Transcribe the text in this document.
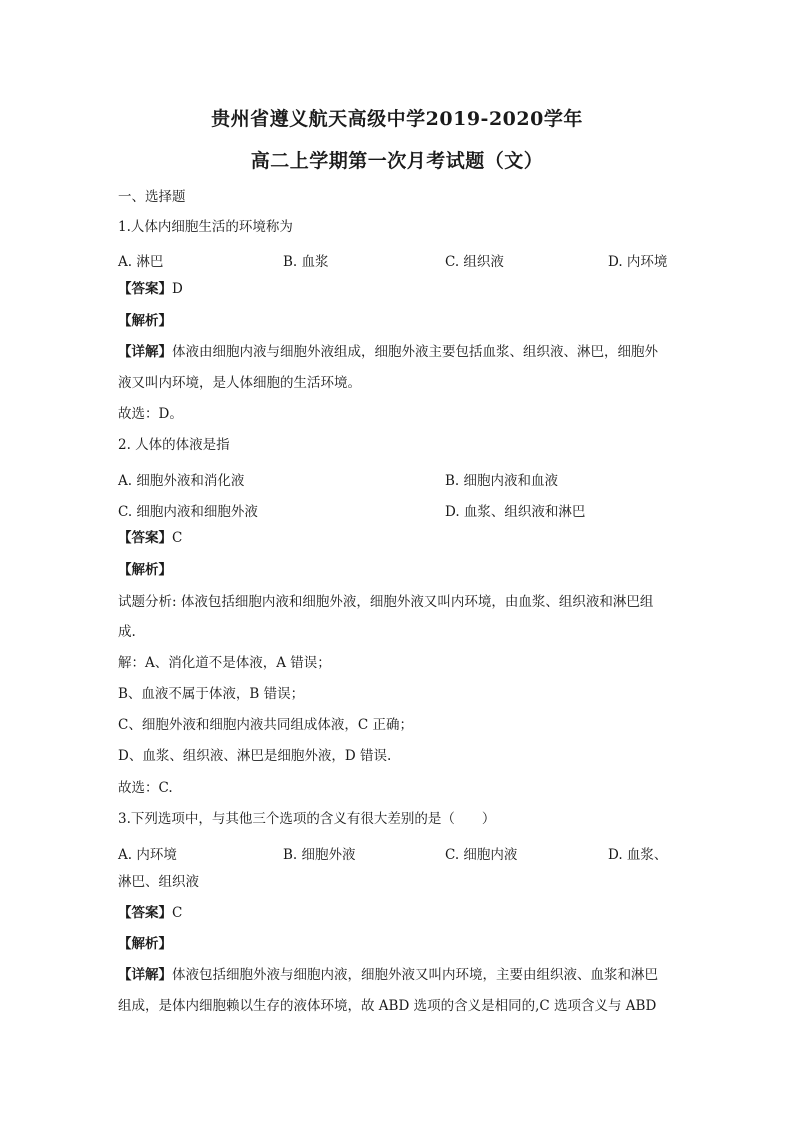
贵州省遵义航天高级中学2019-2020学年
高二上学期第一次月考试题（文）
一、选择题
1.人体内细胞生活的环境称为
A. 淋巴	B. 血浆	C. 组织液	D. 内环境
【答案】D
【解析】
【详解】体液由细胞内液与细胞外液组成，细胞外液主要包括血浆、组织液、淋巴，细胞外
液又叫内环境，是人体细胞的生活环境。
故选：D。
2. 人体的体液是指
A. 细胞外液和消化液	B. 细胞内液和血液
C. 细胞内液和细胞外液	D. 血浆、组织液和淋巴
【答案】C
【解析】
试题分析: 体液包括细胞内液和细胞外液，细胞外液又叫内环境，由血浆、组织液和淋巴组
成.
解：A、消化道不是体液，A 错误；
B、血液不属于体液，B 错误；
C、细胞外液和细胞内液共同组成体液，C 正确；
D、血浆、组织液、淋巴是细胞外液，D 错误.
故选：C.
3.下列选项中，与其他三个选项的含义有很大差别的是（　　）
A. 内环境	B. 细胞外液	C. 细胞内液	D. 血浆、
淋巴、组织液
【答案】C
【解析】
【详解】体液包括细胞外液与细胞内液，细胞外液又叫内环境，主要由组织液、血浆和淋巴
组成，是体内细胞赖以生存的液体环境，故 ABD 选项的含义是相同的,C 选项含义与 ABD
